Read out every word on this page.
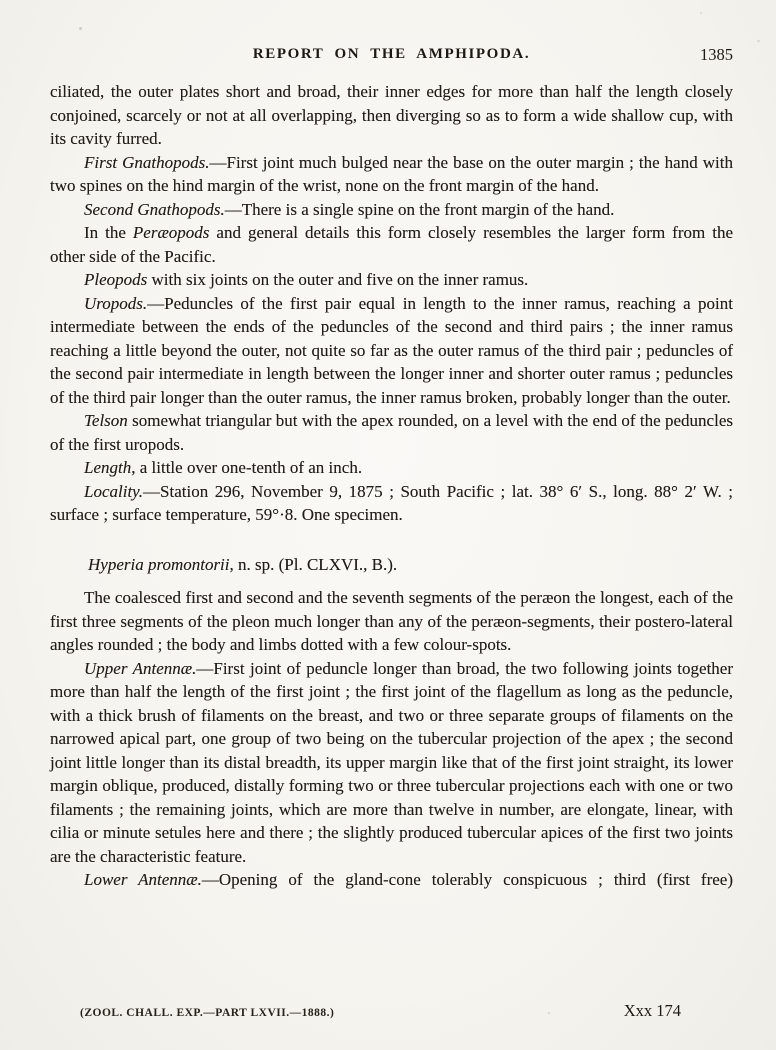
REPORT ON THE AMPHIPODA.	1385

ciliated, the outer plates short and broad, their inner edges for more than half the length closely conjoined, scarcely or not at all overlapping, then diverging so as to form a wide shallow cup, with its cavity furred.

First Gnathopods.—First joint much bulged near the base on the outer margin ; the hand with two spines on the hind margin of the wrist, none on the front margin of the hand.

Second Gnathopods.—There is a single spine on the front margin of the hand.

In the Peræopods and general details this form closely resembles the larger form from the other side of the Pacific.

Pleopods with six joints on the outer and five on the inner ramus.

Uropods.—Peduncles of the first pair equal in length to the inner ramus, reaching a point intermediate between the ends of the peduncles of the second and third pairs ; the inner ramus reaching a little beyond the outer, not quite so far as the outer ramus of the third pair ; peduncles of the second pair intermediate in length between the longer inner and shorter outer ramus ; peduncles of the third pair longer than the outer ramus, the inner ramus broken, probably longer than the outer.

Telson somewhat triangular but with the apex rounded, on a level with the end of the peduncles of the first uropods.

Length, a little over one-tenth of an inch.

Locality.—Station 296, November 9, 1875 ; South Pacific ; lat. 38° 6′ S., long. 88° 2′ W. ; surface ; surface temperature, 59°·8. One specimen.

Hyperia promontorii, n. sp. (Pl. CLXVI., B.).

The coalesced first and second and the seventh segments of the peræon the longest, each of the first three segments of the pleon much longer than any of the peræon-segments, their postero-lateral angles rounded ; the body and limbs dotted with a few colour-spots.

Upper Antennæ.—First joint of peduncle longer than broad, the two following joints together more than half the length of the first joint ; the first joint of the flagellum as long as the peduncle, with a thick brush of filaments on the breast, and two or three separate groups of filaments on the narrowed apical part, one group of two being on the tubercular projection of the apex ; the second joint little longer than its distal breadth, its upper margin like that of the first joint straight, its lower margin oblique, produced, distally forming two or three tubercular projections each with one or two filaments ; the remaining joints, which are more than twelve in number, are elongate, linear, with cilia or minute setules here and there ; the slightly produced tubercular apices of the first two joints are the characteristic feature.

Lower Antennæ.—Opening of the gland-cone tolerably conspicuous ; third (first free)

(ZOOL. CHALL. EXP.—PART LXVII.—1888.)	Xxx 174
